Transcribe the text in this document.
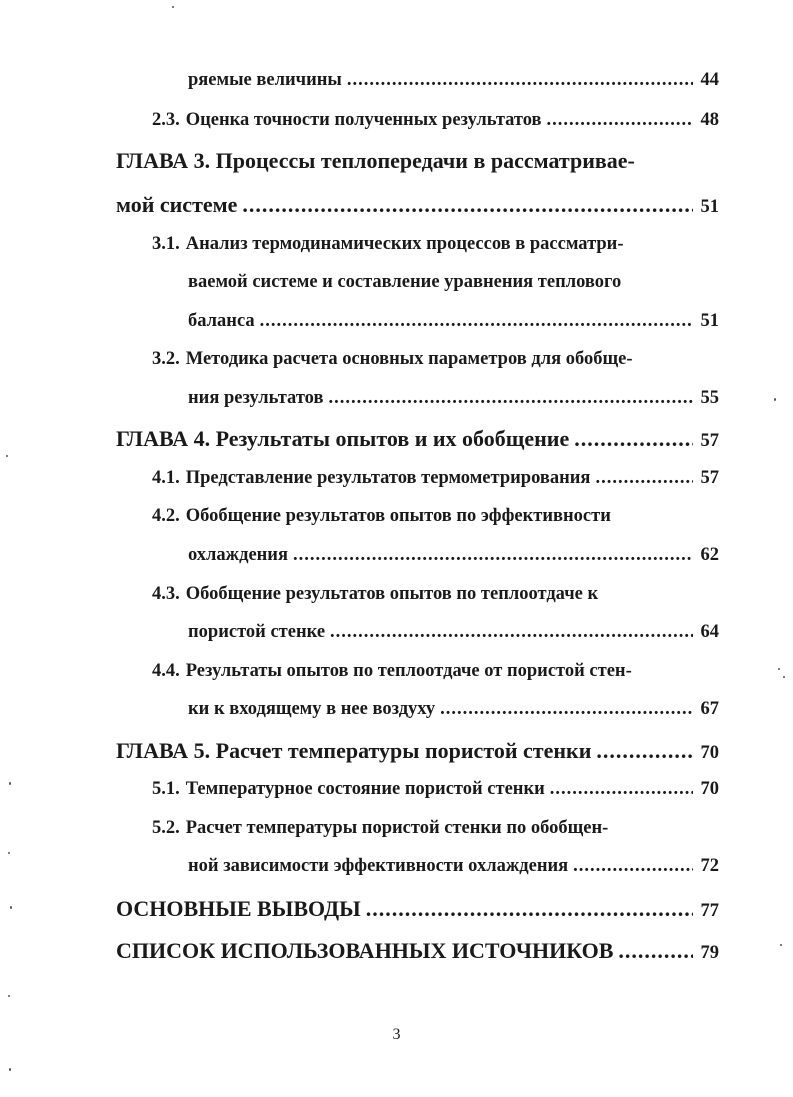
ряемые величины .....	44
2.3. Оценка точности полученных результатов .....	48
ГЛАВА 3. Процессы теплопередачи в рассматривае-
мой системе .....	51
3.1. Анализ термодинамических процессов в рассматри-
ваемой системе и составление уравнения теплового
баланса .....	51
3.2. Методика расчета основных параметров для обобще-
ния результатов .....	55
ГЛАВА 4. Результаты опытов и их обобщение .....	57
4.1. Представление результатов термометрирования .....	57
4.2. Обобщение результатов опытов по эффективности
охлаждения .....	62
4.3. Обобщение результатов опытов по теплоотдаче к
пористой стенке .....	64
4.4. Результаты опытов по теплоотдаче от пористой стен-
ки к входящему в нее воздуху .....	67
ГЛАВА 5. Расчет температуры пористой стенки .....	70
5.1. Температурное состояние пористой стенки .....	70
5.2. Расчет температуры пористой стенки по обобщен-
ной зависимости эффективности охлаждения .....	72
ОСНОВНЫЕ ВЫВОДЫ .....	77
СПИСОК ИСПОЛЬЗОВАННЫХ ИСТОЧНИКОВ .....	79
3
